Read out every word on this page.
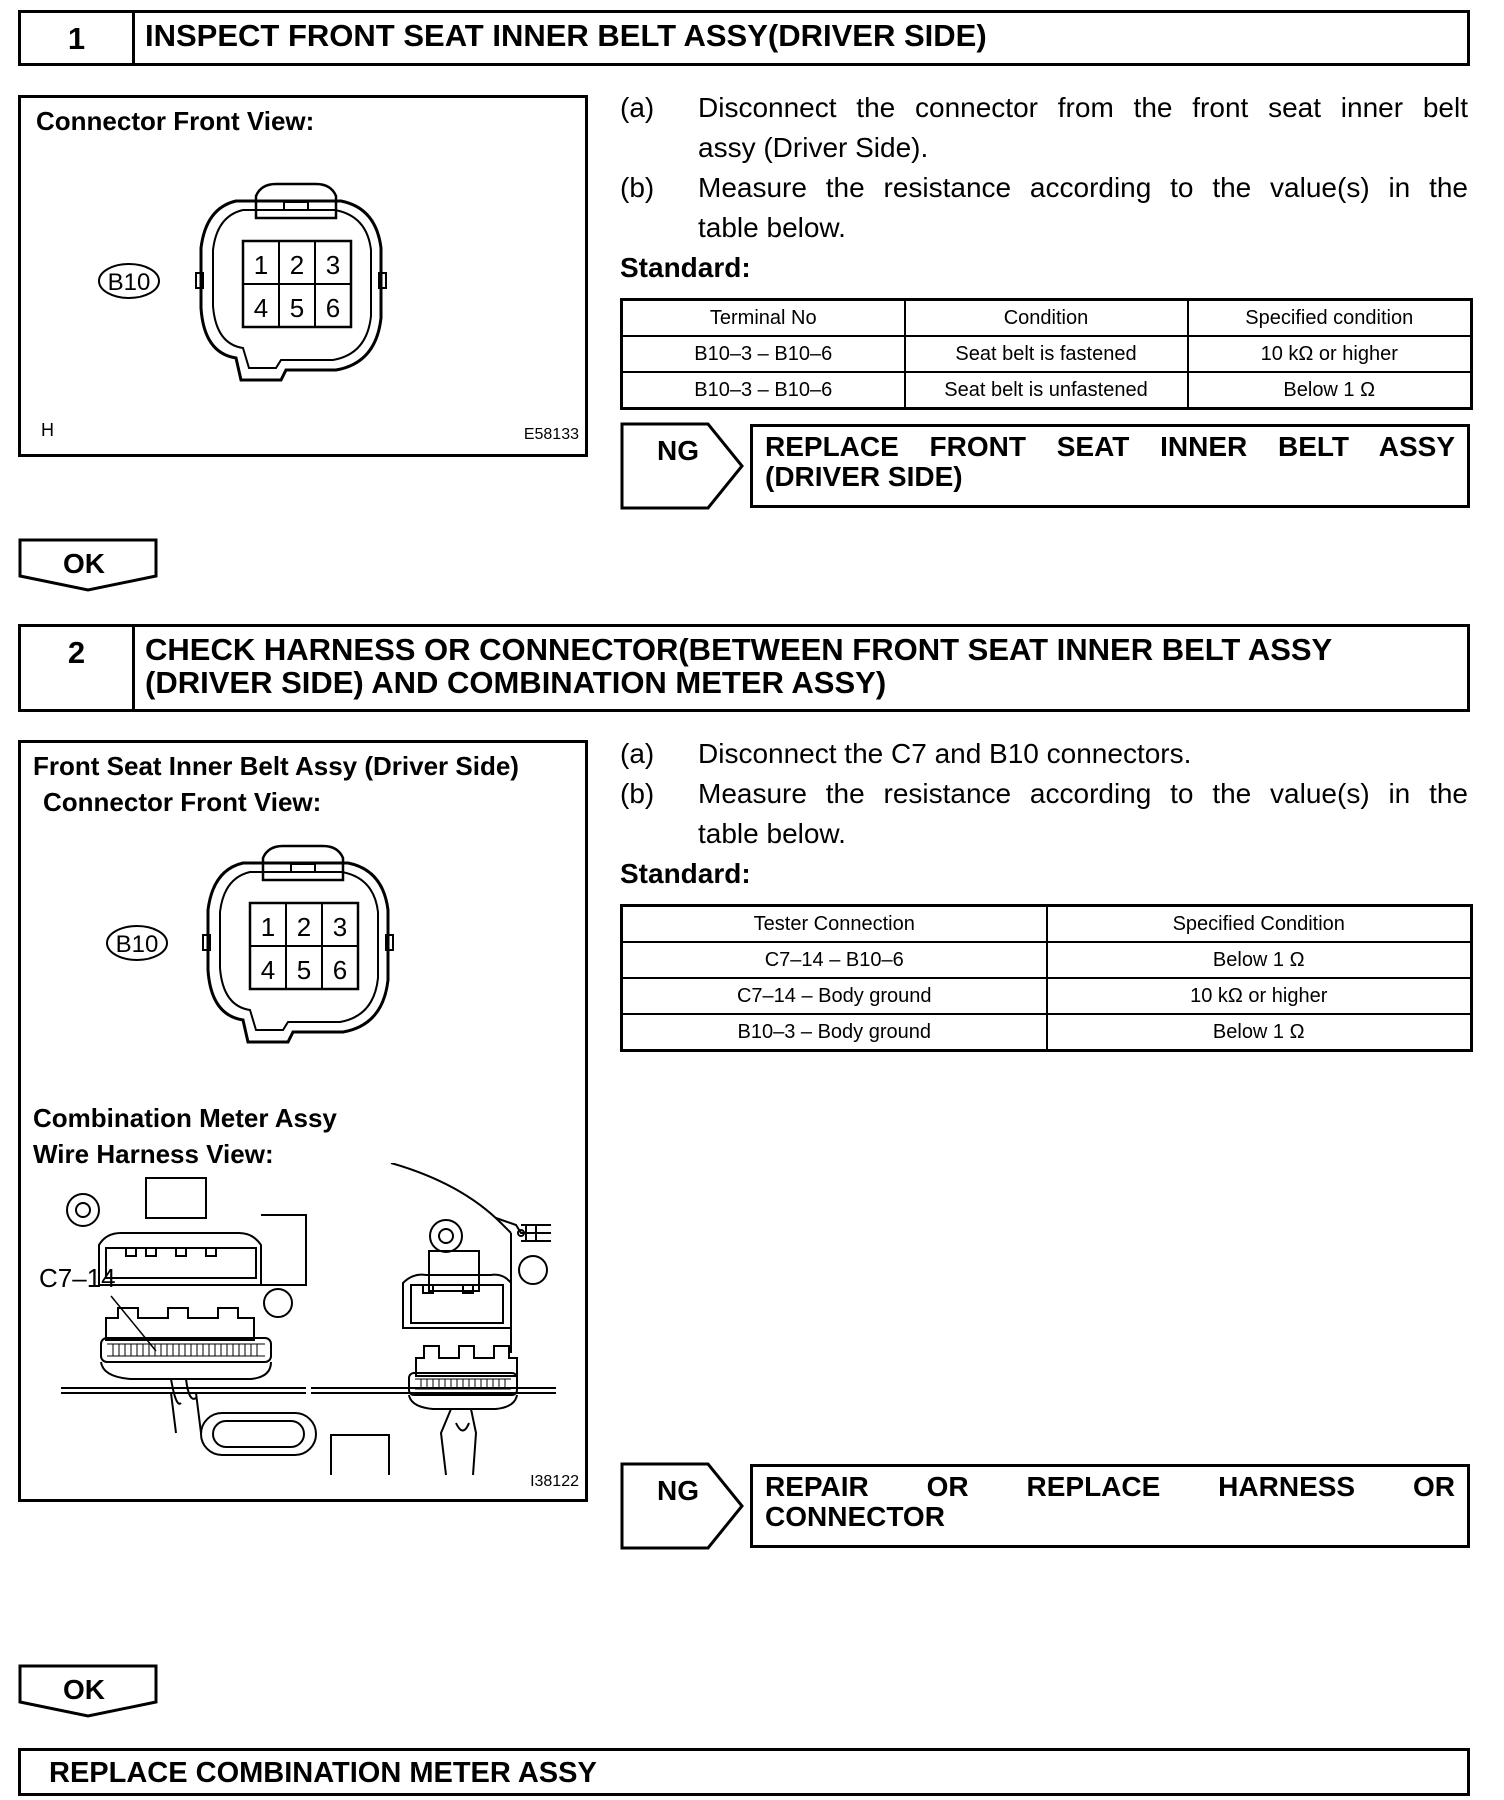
1	INSPECT FRONT SEAT INNER BELT ASSY(DRIVER SIDE)
Connector Front View:
B10
1 2 3
4 5 6
H	E58133
(a) Disconnect the connector from the front seat inner belt
assy (Driver Side).
(b) Measure the resistance according to the value(s) in the
table below.
Standard:
Terminal No	Condition	Specified condition
B10–3 – B10–6	Seat belt is fastened	10 kΩ or higher
B10–3 – B10–6	Seat belt is unfastened	Below 1 Ω
NG REPLACE FRONT SEAT INNER BELT ASSY
(DRIVER SIDE)
OK
2	CHECK HARNESS OR CONNECTOR(BETWEEN FRONT SEAT INNER BELT ASSY
(DRIVER SIDE) AND COMBINATION METER ASSY)
Front Seat Inner Belt Assy (Driver Side)
Connector Front View:
B10
1 2 3
4 5 6
Combination Meter Assy
Wire Harness View:
C7–14
I38122
(a) Disconnect the C7 and B10 connectors.
(b) Measure the resistance according to the value(s) in the
table below.
Standard:
Tester Connection	Specified Condition
C7–14 – B10–6	Below 1 Ω
C7–14 – Body ground	10 kΩ or higher
B10–3 – Body ground	Below 1 Ω
NG REPAIR OR REPLACE HARNESS OR
CONNECTOR
OK
REPLACE COMBINATION METER ASSY
